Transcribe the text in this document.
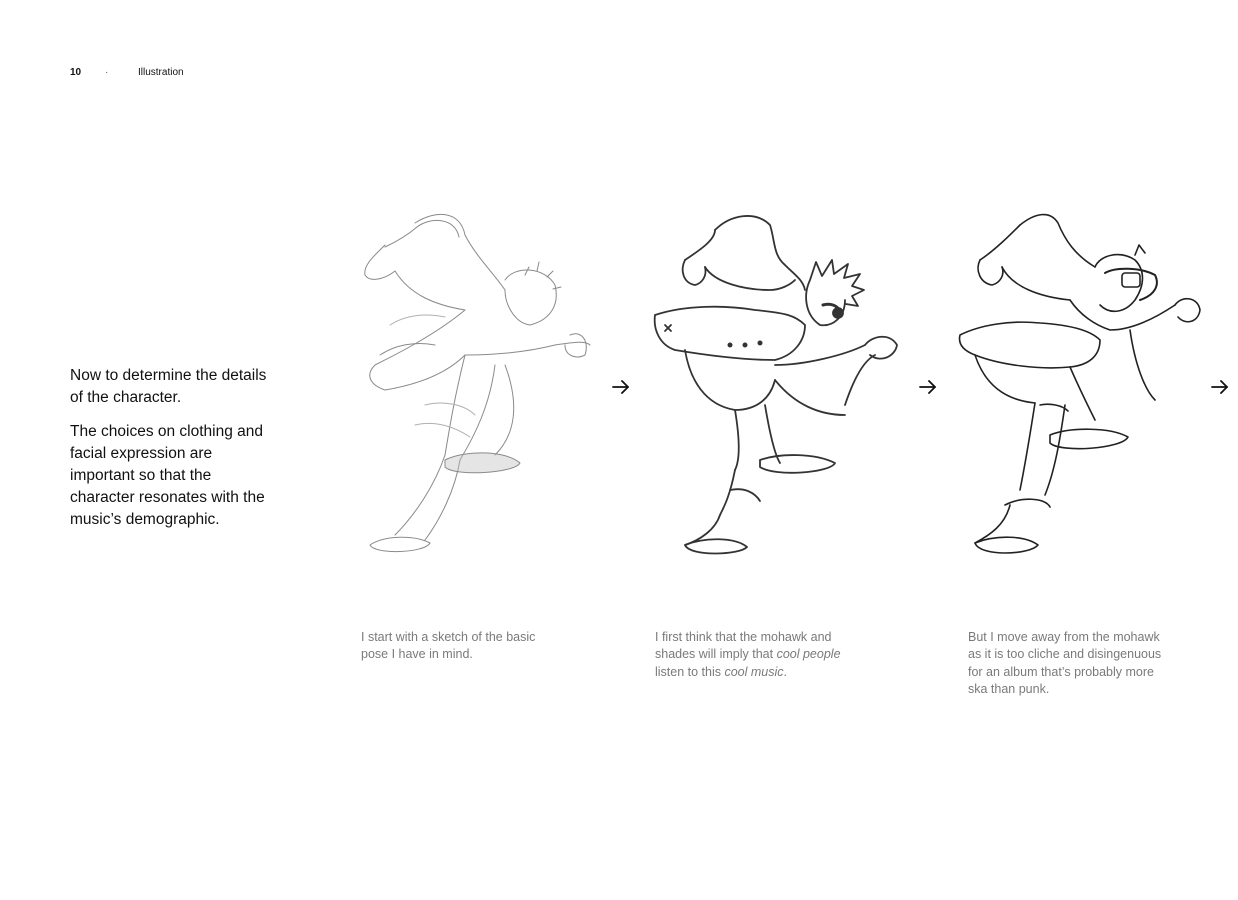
10 ·	Illustration

Now to determine the details of the character.

The choices on clothing and facial expression are important so that the character resonates with the music’s demographic.

I start with a sketch of the basic pose I have in mind.
I first think that the mohawk and shades will imply that cool people listen to this cool music.
But I move away from the mohawk as it is too cliche and disingenuous for an album that’s probably more ska than punk.
